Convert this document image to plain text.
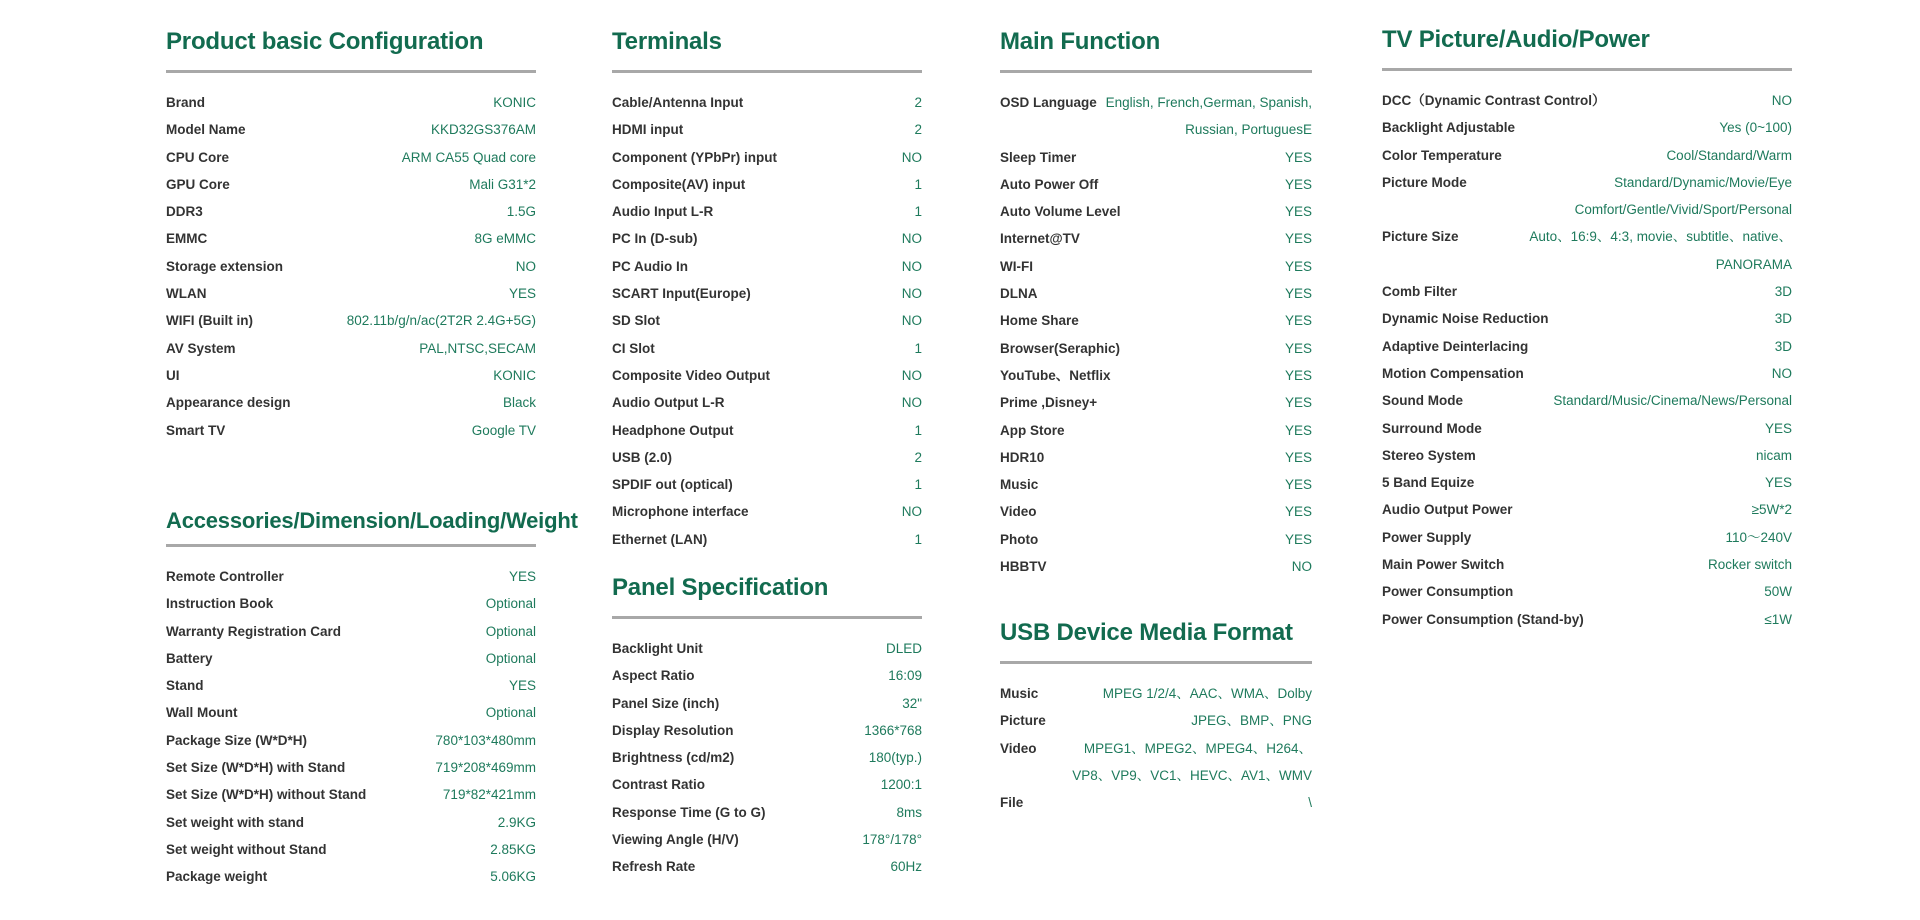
Product basic Configuration
Brand	KONIC
Model Name	KKD32GS376AM
CPU Core	ARM CA55 Quad core
GPU Core	Mali G31*2
DDR3	1.5G
EMMC	8G eMMC
Storage extension	NO
WLAN	YES
WIFI (Built in)	802.11b/g/n/ac(2T2R 2.4G+5G)
AV System	PAL,NTSC,SECAM
UI	KONIC
Appearance design	Black
Smart TV	Google TV
Accessories/Dimension/Loading/Weight
Remote Controller	YES
Instruction Book	Optional
Warranty Registration Card	Optional
Battery	Optional
Stand	YES
Wall Mount	Optional
Package Size (W*D*H)	780*103*480mm
Set Size (W*D*H) with Stand	719*208*469mm
Set Size (W*D*H) without Stand	719*82*421mm
Set weight with stand	2.9KG
Set weight without Stand	2.85KG
Package weight	5.06KG
Terminals
Cable/Antenna Input	2
HDMI input	2
Component (YPbPr) input	NO
Composite(AV) input	1
Audio Input L-R	1
PC In (D-sub)	NO
PC Audio In	NO
SCART Input(Europe)	NO
SD Slot	NO
CI Slot	1
Composite Video Output	NO
Audio Output L-R	NO
Headphone Output	1
USB (2.0)	2
SPDIF out (optical)	1
Microphone interface	NO
Ethernet (LAN)	1
Panel Specification
Backlight Unit	DLED
Aspect Ratio	16:09
Panel Size (inch)	32"
Display Resolution	1366*768
Brightness (cd/m2)	180(typ.)
Contrast Ratio	1200:1
Response Time (G to G)	8ms
Viewing Angle (H/V)	178°/178°
Refresh Rate	60Hz
Main Function
OSD Language English, French,German, Spanish,
Russian, PortuguesE
Sleep Timer	YES
Auto Power Off	YES
Auto Volume Level	YES
Internet@TV	YES
WI-FI	YES
DLNA	YES
Home Share	YES
Browser(Seraphic)	YES
YouTube、Netflix	YES
Prime ,Disney+	YES
App Store	YES
HDR10	YES
Music	YES
Video	YES
Photo	YES
HBBTV	NO
USB Device Media Format
Music	MPEG 1/2/4、AAC、WMA、Dolby
Picture	JPEG、BMP、PNG
Video	MPEG1、MPEG2、MPEG4、H264、
VP8、VP9、VC1、HEVC、AV1、WMV
File	\
TV Picture/Audio/Power
DCC（Dynamic Contrast Control）	NO
Backlight Adjustable	Yes (0~100)
Color Temperature	Cool/Standard/Warm
Picture Mode	Standard/Dynamic/Movie/Eye
Comfort/Gentle/Vivid/Sport/Personal
Picture Size	Auto、16:9、4:3, movie、subtitle、native、
PANORAMA
Comb Filter	3D
Dynamic Noise Reduction	3D
Adaptive Deinterlacing	3D
Motion Compensation	NO
Sound Mode	Standard/Music/Cinema/News/Personal
Surround Mode	YES
Stereo System	nicam
5 Band Equize	YES
Audio Output Power	≥5W*2
Power Supply	110～240V
Main Power Switch	Rocker switch
Power Consumption	50W
Power Consumption (Stand-by)	≤1W
